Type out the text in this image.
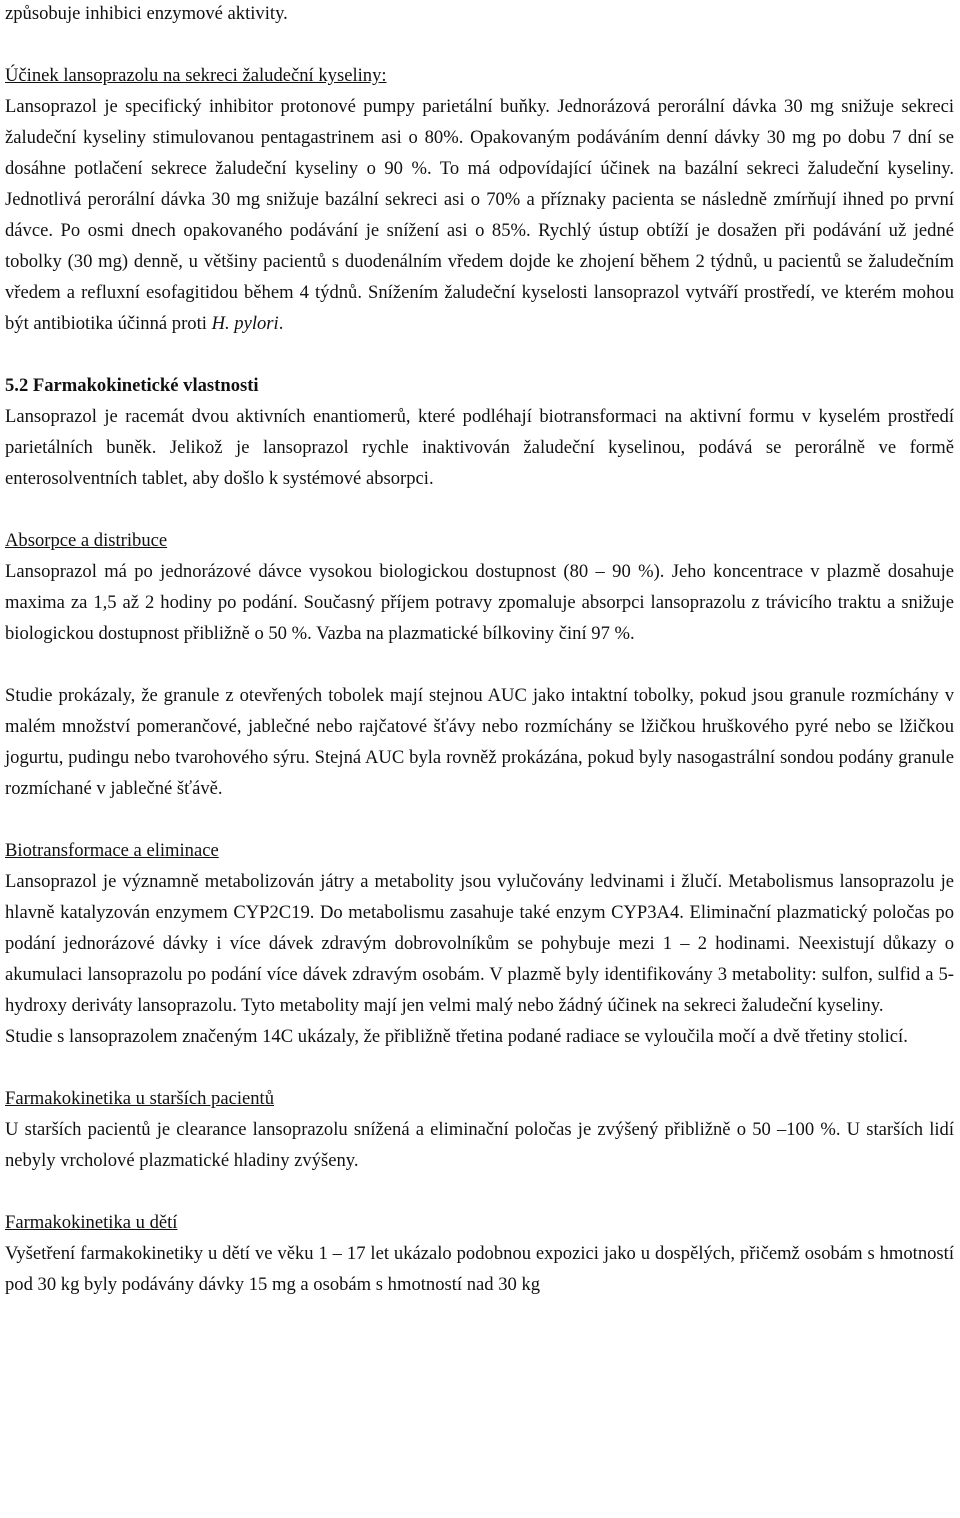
způsobuje inhibici enzymové aktivity.

Účinek lansoprazolu na sekreci žaludeční kyseliny:

Lansoprazol je specifický inhibitor protonové pumpy parietální buňky. Jednorázová perorální dávka 30 mg snižuje sekreci žaludeční kyseliny stimulovanou pentagastrinem asi o 80%. Opakovaným podáváním denní dávky 30 mg po dobu 7 dní se dosáhne potlačení sekrece žaludeční kyseliny o 90 %. To má odpovídající účinek na bazální sekreci žaludeční kyseliny. Jednotlivá perorální dávka 30 mg snižuje bazální sekreci asi o 70% a příznaky pacienta se následně zmírňují ihned po první dávce. Po osmi dnech opakovaného podávání je snížení asi o 85%. Rychlý ústup obtíží je dosažen při podávání už jedné tobolky (30 mg) denně, u většiny pacientů s duodenálním vředem dojde ke zhojení během 2 týdnů, u pacientů se žaludečním vředem a refluxní esofagitidou během 4 týdnů. Snížením žaludeční kyselosti lansoprazol vytváří prostředí, ve kterém mohou být antibiotika účinná proti H. pylori.

5.2 Farmakokinetické vlastnosti

Lansoprazol je racemát dvou aktivních enantiomerů, které podléhají biotransformaci na aktivní formu v kyselém prostředí parietálních buněk. Jelikož je lansoprazol rychle inaktivován žaludeční kyselinou, podává se perorálně ve formě enterosolventních tablet, aby došlo k systémové absorpci.

Absorpce a distribuce

Lansoprazol má po jednorázové dávce vysokou biologickou dostupnost (80 – 90 %). Jeho koncentrace v plazmě dosahuje maxima za 1,5 až 2 hodiny po podání. Současný příjem potravy zpomaluje absorpci lansoprazolu z trávicího traktu a snižuje biologickou dostupnost přibližně o 50 %. Vazba na plazmatické bílkoviny činí 97 %.

Studie prokázaly, že granule z otevřených tobolek mají stejnou AUC jako intaktní tobolky, pokud jsou granule rozmíchány v malém množství pomerančové, jablečné nebo rajčatové šťávy nebo rozmíchány se lžičkou hruškového pyré nebo se lžičkou jogurtu, pudingu nebo tvarohového sýru. Stejná AUC byla rovněž prokázána, pokud byly nasogastrální sondou podány granule rozmíchané v jablečné šťávě.

Biotransformace a eliminace

Lansoprazol je významně metabolizován játry a metabolity jsou vylučovány ledvinami i žlučí. Metabolismus lansoprazolu je hlavně katalyzován enzymem CYP2C19. Do metabolismu zasahuje také enzym CYP3A4. Eliminační plazmatický poločas po podání jednorázové dávky i více dávek zdravým dobrovolníkům se pohybuje mezi 1 – 2 hodinami. Neexistují důkazy o akumulaci lansoprazolu po podání více dávek zdravým osobám. V plazmě byly identifikovány 3 metabolity: sulfon, sulfid a 5-hydroxy deriváty lansoprazolu. Tyto metabolity mají jen velmi malý nebo žádný účinek na sekreci žaludeční kyseliny.

Studie s lansoprazolem značeným 14C ukázaly, že přibližně třetina podané radiace se vyloučila močí a dvě třetiny stolicí.

Farmakokinetika u starších pacientů

U starších pacientů je clearance lansoprazolu snížená a eliminační poločas je zvýšený přibližně o 50 –100 %. U starších lidí nebyly vrcholové plazmatické hladiny zvýšeny.

Farmakokinetika u dětí

Vyšetření farmakokinetiky u dětí ve věku 1 – 17 let ukázalo podobnou expozici jako u dospělých, přičemž osobám s hmotností pod 30 kg byly podávány dávky 15 mg a osobám s hmotností nad 30 kg
